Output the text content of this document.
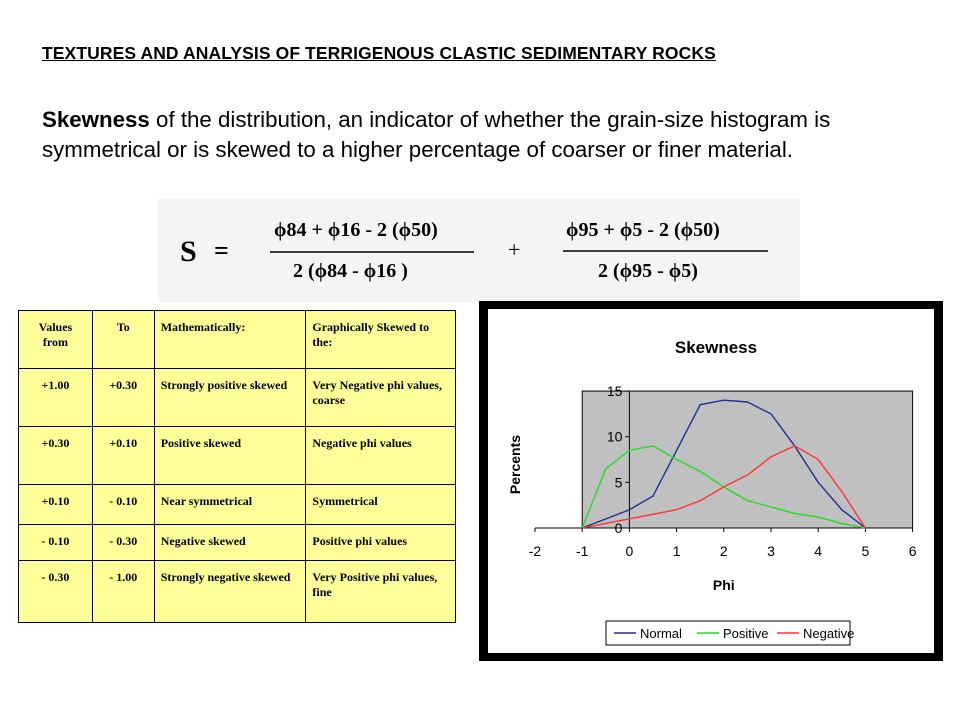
TEXTURES AND ANALYSIS OF TERRIGENOUS CLASTIC SEDIMENTARY ROCKS
Skewness of the distribution, an indicator of whether the grain-size histogram is symmetrical or is skewed to a higher percentage of coarser or finer material.
S =
ϕ84 + ϕ16 - 2 (ϕ50)
2 (ϕ84 - ϕ16 )
+
ϕ95 + ϕ5 - 2 (ϕ50)
2 (ϕ95 - ϕ5)
Values from	To	Mathematically:	Graphically Skewed to the:
+1.00	+0.30	Strongly positive skewed	Very Negative phi values, coarse
+0.30	+0.10	Positive skewed	Negative phi values
+0.10	- 0.10	Near symmetrical	Symmetrical
- 0.10	- 0.30	Negative skewed	Positive phi values
- 0.30	- 1.00	Strongly negative skewed	Very Positive phi values, fine
Skewness
Percents
Phi
0
5
10
15
-2 -1	0	1	2	3	4	5	6
Normal	Positive	Negative
